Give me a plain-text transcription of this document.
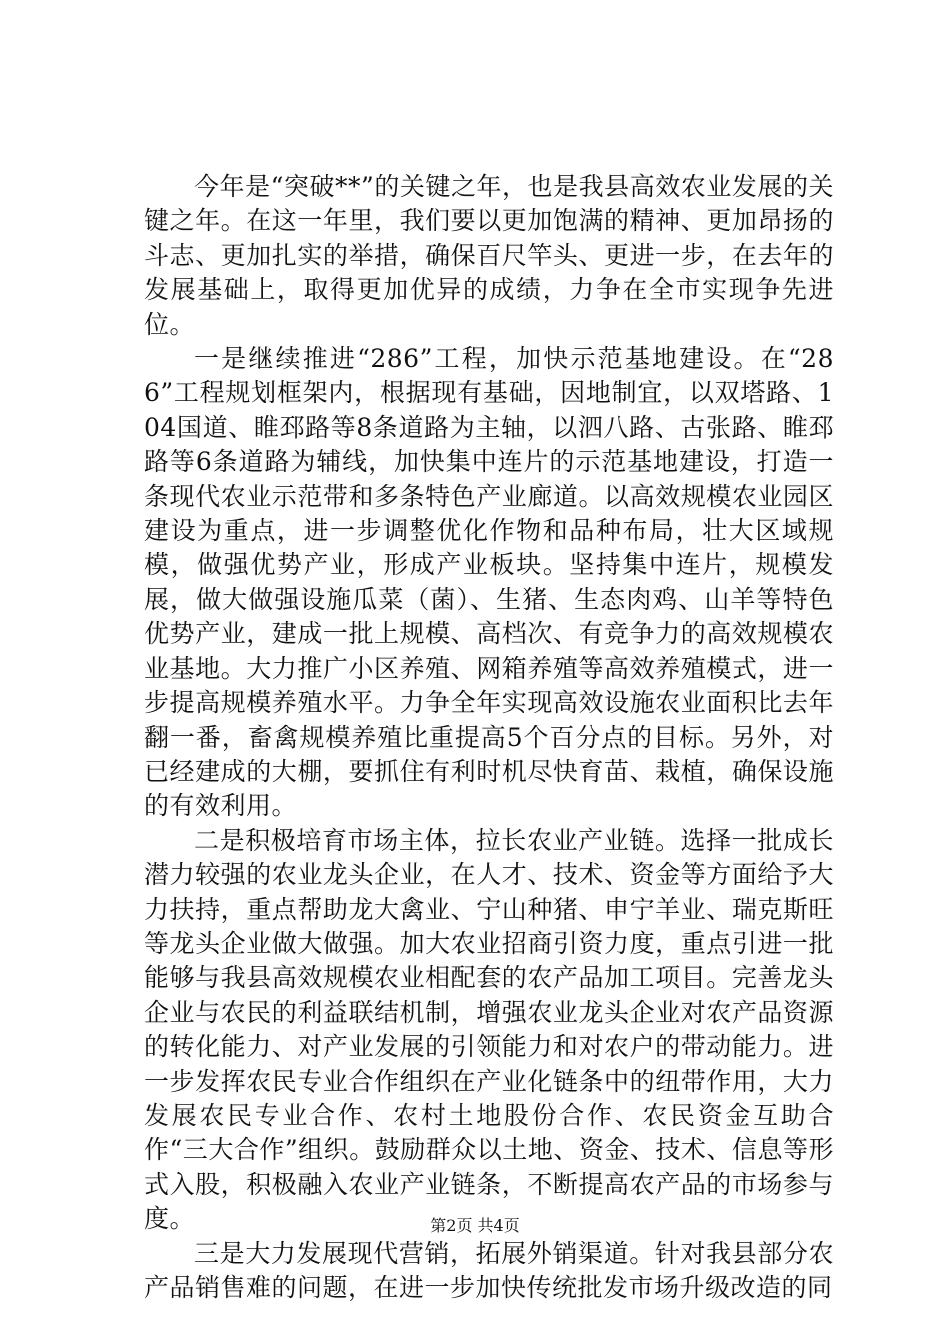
今年是“突破**”的关键之年，也是我县高效农业发展的关键之年。在这一年里，我们要以更加饱满的精神、更加昂扬的斗志、更加扎实的举措，确保百尺竿头、更进一步，在去年的发展基础上，取得更加优异的成绩，力争在全市实现争先进位。

一是继续推进“286”工程，加快示范基地建设。在“286”工程规划框架内，根据现有基础，因地制宜，以双塔路、104国道、睢邳路等8条道路为主轴，以泗八路、古张路、睢邳路等6条道路为辅线，加快集中连片的示范基地建设，打造一条现代农业示范带和多条特色产业廊道。以高效规模农业园区建设为重点，进一步调整优化作物和品种布局，壮大区域规模，做强优势产业，形成产业板块。坚持集中连片，规模发展，做大做强设施瓜菜（菌）、生猪、生态肉鸡、山羊等特色优势产业，建成一批上规模、高档次、有竞争力的高效规模农业基地。大力推广小区养殖、网箱养殖等高效养殖模式，进一步提高规模养殖水平。力争全年实现高效设施农业面积比去年翻一番，畜禽规模养殖比重提高5个百分点的目标。另外，对已经建成的大棚，要抓住有利时机尽快育苗、栽植，确保设施的有效利用。

二是积极培育市场主体，拉长农业产业链。选择一批成长潜力较强的农业龙头企业，在人才、技术、资金等方面给予大力扶持，重点帮助龙大禽业、宁山种猪、申宁羊业、瑞克斯旺等龙头企业做大做强。加大农业招商引资力度，重点引进一批能够与我县高效规模农业相配套的农产品加工项目。完善龙头企业与农民的利益联结机制，增强农业龙头企业对农产品资源的转化能力、对产业发展的引领能力和对农户的带动能力。进一步发挥农民专业合作组织在产业化链条中的纽带作用，大力发展农民专业合作、农村土地股份合作、农民资金互助合作“三大合作”组织。鼓励群众以土地、资金、技术、信息等形式入股，积极融入农业产业链条，不断提高农产品的市场参与度。

三是大力发展现代营销，拓展外销渠道。针对我县部分农产品销售难的问题，在进一步加快传统批发市场升级改造的同

第2页 共4页
